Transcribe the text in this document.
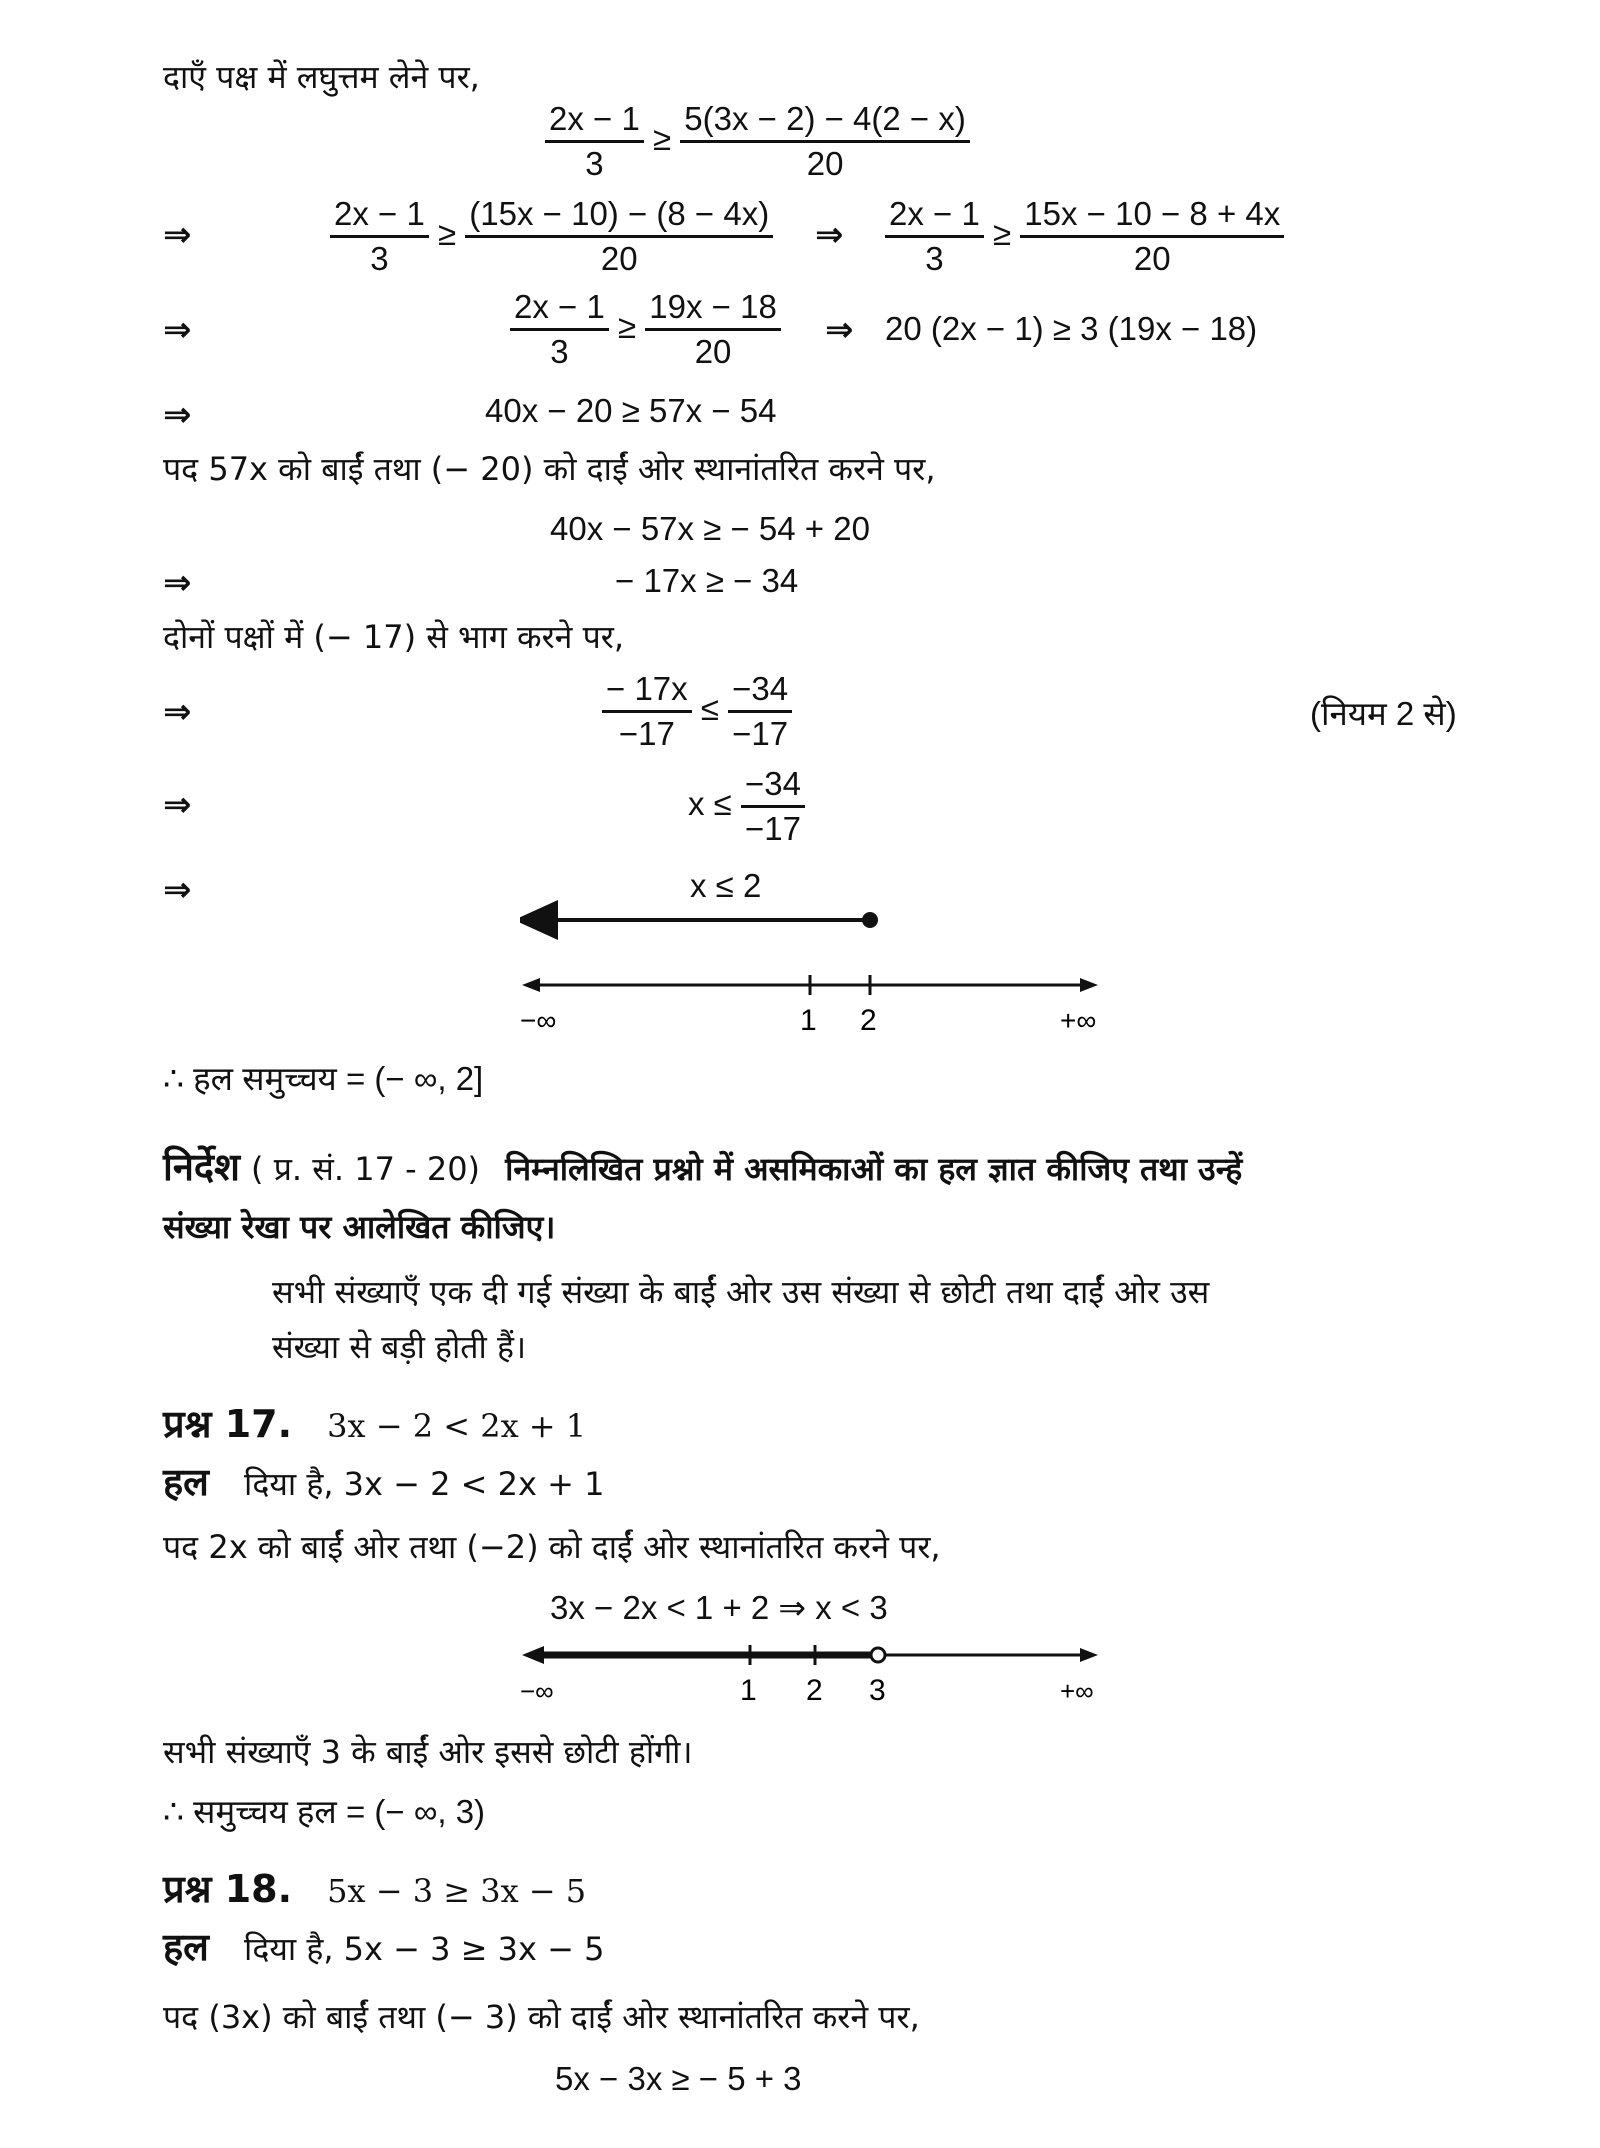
दाएँ पक्ष में लघुत्तम लेने पर,
$\frac{2x - 1}{3} \ge \frac{5(3x - 2) - 4(2 - x)}{20}$
⇒	$\frac{2x - 1}{3} \ge \frac{(15x - 10) - (8 - 4x)}{20}$ ⇒ $\frac{2x - 1}{3} \ge \frac{15x - 10 - 8 + 4x}{20}$
⇒	$\frac{2x - 1}{3} \ge \frac{19x - 18}{20}$ ⇒ 20 (2x − 1) ≥ 3 (19x − 18)
⇒	40x − 20 ≥ 57x − 54
पद 57x को बाईं तथा (− 20) को दाईं ओर स्थानांतरित करने पर,
40x − 57x ≥ − 54 + 20
⇒	− 17x ≥ − 34
दोनों पक्षों में (− 17) से भाग करने पर,
⇒	$\frac{- 17x}{-17} \le \frac{-34}{-17}$	(नियम 2 से)
⇒	$x \le \frac{-34}{-17}$
⇒	x ≤ 2
−∞	1 2	+∞
∴ हल समुच्चय = (− ∞, 2]
निर्देश ( प्र. सं. 17 - 20) निम्नलिखित प्रश्नो में असमिकाओं का हल ज्ञात कीजिए तथा उन्हें
संख्या रेखा पर आलेखित कीजिए।
सभी संख्याएँ एक दी गई संख्या के बाईं ओर उस संख्या से छोटी तथा दाईं ओर उस
संख्या से बड़ी होती हैं।
प्रश्न 17. 3x − 2 < 2x + 1
हल दिया है, 3x − 2 < 2x + 1
पद 2x को बाईं ओर तथा (−2) को दाईं ओर स्थानांतरित करने पर,
3x − 2x < 1 + 2 ⇒ x < 3
−∞	1 2 3	+∞
सभी संख्याएँ 3 के बाईं ओर इससे छोटी होंगी।
∴ समुच्चय हल = (− ∞, 3)
प्रश्न 18. 5x − 3 ≥ 3x − 5
हल दिया है, 5x − 3 ≥ 3x − 5
पद (3x) को बाईं तथा (− 3) को दाईं ओर स्थानांतरित करने पर,
5x − 3x ≥ − 5 + 3
